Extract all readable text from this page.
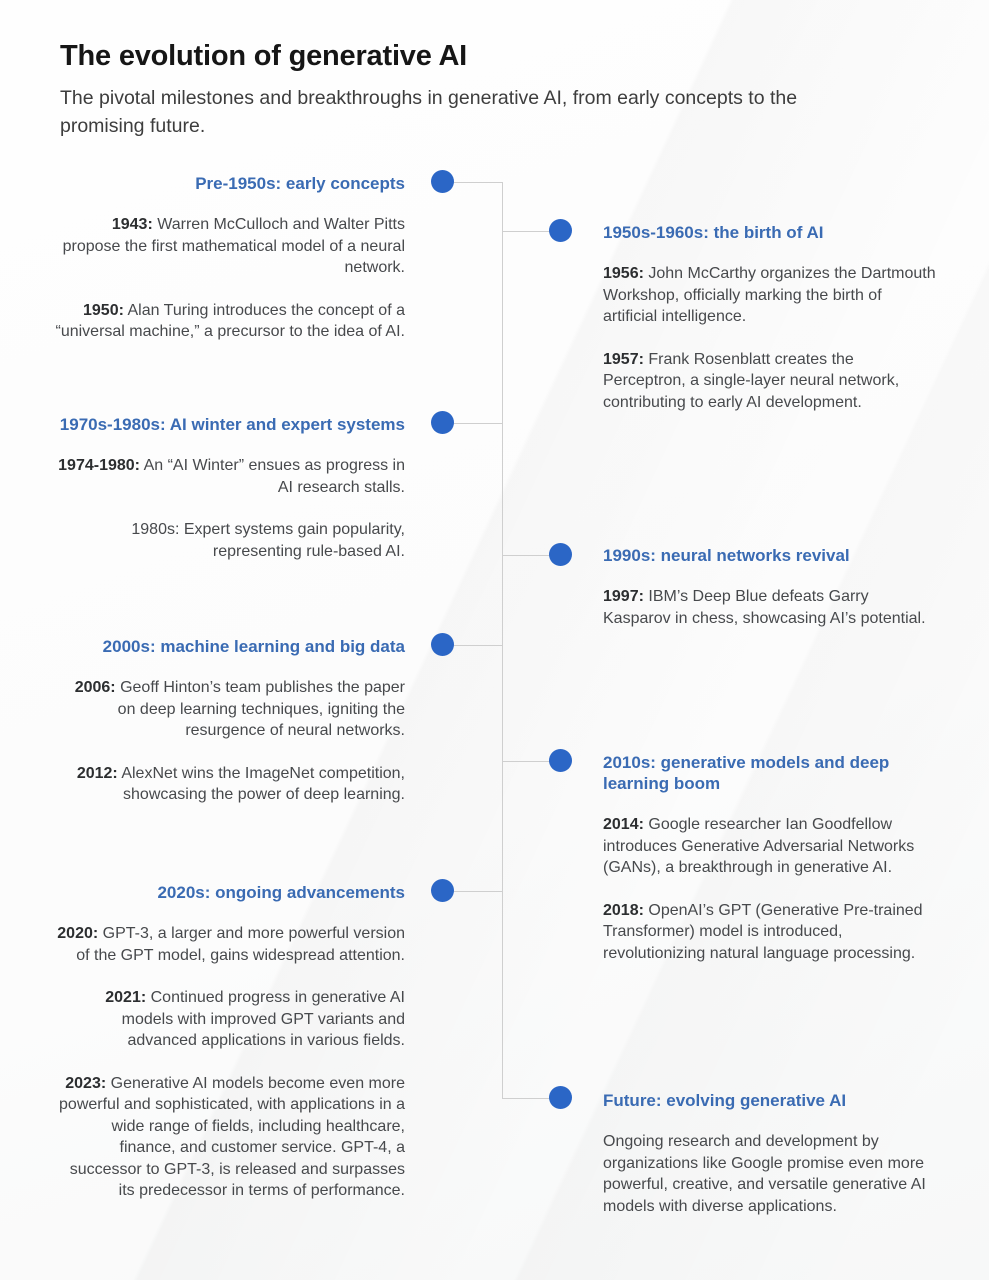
The evolution of generative AI

The pivotal milestones and breakthroughs in generative AI, from early concepts to the promising future.

Pre-1950s: early concepts

1943: Warren McCulloch and Walter Pitts propose the first mathematical model of a neural network.

1950: Alan Turing introduces the concept of a “universal machine,” a precursor to the idea of AI.

1950s-1960s: the birth of AI

1956: John McCarthy organizes the Dartmouth Workshop, officially marking the birth of artificial intelligence.

1957: Frank Rosenblatt creates the Perceptron, a single-layer neural network, contributing to early AI development.

1970s-1980s: AI winter and expert systems

1974-1980: An “AI Winter” ensues as progress in AI research stalls.

1980s: Expert systems gain popularity, representing rule-based AI.	1990s: neural networks revival

1997: IBM’s Deep Blue defeats Garry Kasparov in chess, showcasing AI’s potential.

2000s: machine learning and big data

2006: Geoff Hinton’s team publishes the paper on deep learning techniques, igniting the resurgence of neural networks.

2012: AlexNet wins the ImageNet competition, showcasing the power of deep learning.

2010s: generative models and deep learning boom

2014: Google researcher Ian Goodfellow introduces Generative Adversarial Networks (GANs), a breakthrough in generative AI.

2018: OpenAI’s GPT (Generative Pre-trained Transformer) model is introduced, revolutionizing natural language processing.

2020s: ongoing advancements

2020: GPT-3, a larger and more powerful version of the GPT model, gains widespread attention.

2021: Continued progress in generative AI models with improved GPT variants and advanced applications in various fields.

2023: Generative AI models become even more powerful and sophisticated, with applications in a wide range of fields, including healthcare, finance, and customer service. GPT-4, a successor to GPT-3, is released and surpasses its predecessor in terms of performance.

Future: evolving generative AI

Ongoing research and development by organizations like Google promise even more powerful, creative, and versatile generative AI models with diverse applications.
